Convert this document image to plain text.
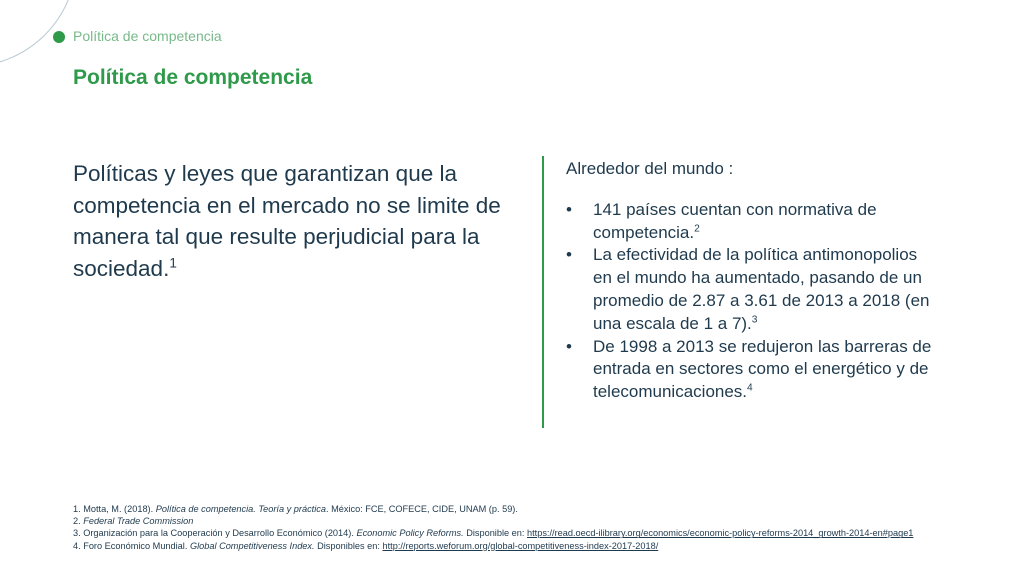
Política de competencia
Política de competencia
Políticas y leyes que garantizan que la competencia en el mercado no se limite de manera tal que resulte perjudicial para la sociedad.$^1$
Alrededor del mundo :
• 141 países cuentan con normativa de competencia.$^2$
• La efectividad de la política antimonopolios en el mundo ha aumentado, pasando de un promedio de 2.87 a 3.61 de 2013 a 2018 (en una escala de 1 a 7).$^3$
• De 1998 a 2013 se redujeron las barreras de entrada en sectores como el energético y de telecomunicaciones.$^4$
1. Motta, M. (2018). Política de competencia. Teoría y práctica. México: FCE, COFECE, CIDE, UNAM (p. 59).
2. Federal Trade Commission
3. Organización para la Cooperación y Desarrollo Económico (2014). Economic Policy Reforms. Disponible en: https://read.oecd-ilibrary.org/economics/economic-policy-reforms-2014_growth-2014-en#page1
4. Foro Económico Mundial. Global Competitiveness Index. Disponibles en: http://reports.weforum.org/global-competitiveness-index-2017-2018/
